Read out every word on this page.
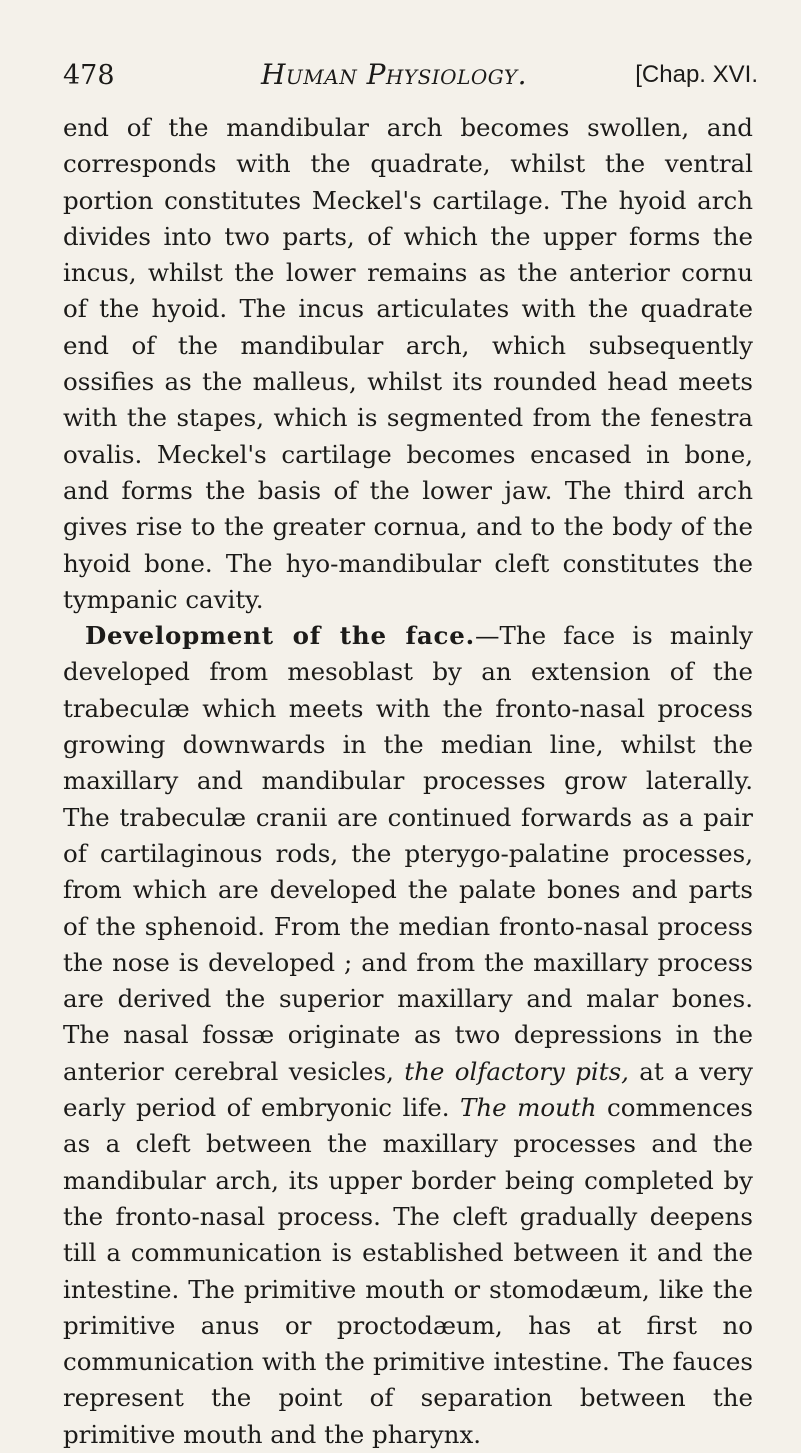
478	Human Physiology.	[Chap. XVI.

end of the mandibular arch becomes swollen, and corresponds with the quadrate, whilst the ventral portion constitutes Meckel's cartilage. The hyoid arch divides into two parts, of which the upper forms the incus, whilst the lower remains as the anterior cornu of the hyoid. The incus articulates with the quadrate end of the mandibular arch, which subsequently ossifies as the malleus, whilst its rounded head meets with the stapes, which is segmented from the fenestra ovalis. Meckel's cartilage becomes encased in bone, and forms the basis of the lower jaw. The third arch gives rise to the greater cornua, and to the body of the hyoid bone. The hyo-mandibular cleft constitutes the tympanic cavity.

Development of the face.—The face is mainly developed from mesoblast by an extension of the trabeculæ which meets with the fronto-nasal process growing downwards in the median line, whilst the maxillary and mandibular processes grow laterally. The trabeculæ cranii are continued forwards as a pair of cartilaginous rods, the pterygo-palatine processes, from which are developed the palate bones and parts of the sphenoid. From the median fronto-nasal process the nose is developed ; and from the maxillary process are derived the superior maxillary and malar bones. The nasal fossæ originate as two depressions in the anterior cerebral vesicles, the olfactory pits, at a very early period of embryonic life. The mouth commences as a cleft between the maxillary processes and the mandibular arch, its upper border being completed by the fronto-nasal process. The cleft gradually deepens till a communication is established between it and the intestine. The primitive mouth or stomodæum, like the primitive anus or proctodæum, has at first no communication with the primitive intestine. The fauces represent the point of separation between the primitive mouth and the pharynx.
